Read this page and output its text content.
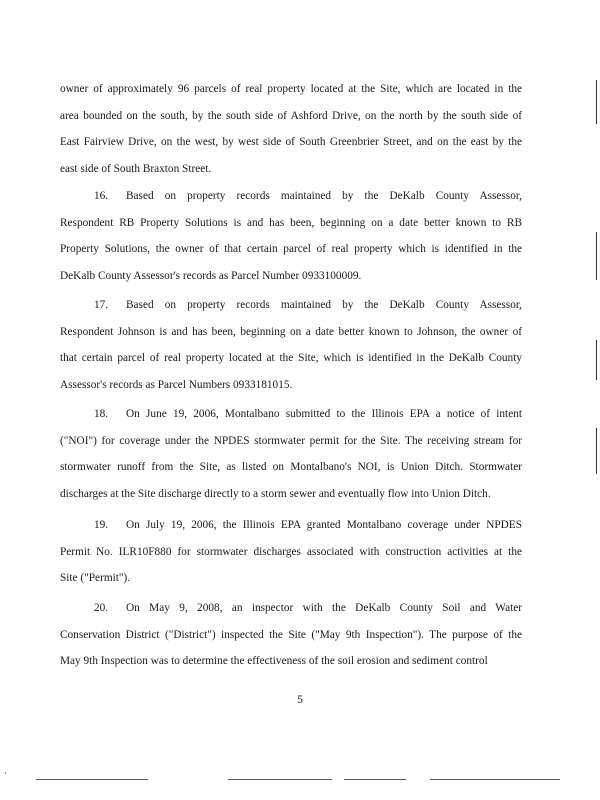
owner of approximately 96 parcels of real property located at the Site, which are located in the
area bounded on the south, by the south side of Ashford Drive, on the north by the south side of
East Fairview Drive, on the west, by west side of South Greenbrier Street, and on the east by the
east side of South Braxton Street.
16. Based on property records maintained by the DeKalb County Assessor,
Respondent RB Property Solutions is and has been, beginning on a date better known to RB
Property Solutions, the owner of that certain parcel of real property which is identified in the
DeKalb County Assessor's records as Parcel Number 0933100009.
17. Based on property records maintained by the DeKalb County Assessor,
Respondent Johnson is and has been, beginning on a date better known to Johnson, the owner of
that certain parcel of real property located at the Site, which is identified in the DeKalb County
Assessor's records as Parcel Numbers 0933181015.
18. On June 19, 2006, Montalbano submitted to the Illinois EPA a notice of intent
("NOI") for coverage under the NPDES stormwater permit for the Site. The receiving stream for
stormwater runoff from the Site, as listed on Montalbano's NOI, is Union Ditch. Stormwater
discharges at the Site discharge directly to a storm sewer and eventually flow into Union Ditch.
19. On July 19, 2006, the Illinois EPA granted Montalbano coverage under NPDES
Permit No. ILR10F880 for stormwater discharges associated with construction activities at the
Site ("Permit").
20. On May 9, 2008, an inspector with the DeKalb County Soil and Water
Conservation District ("District") inspected the Site ("May 9th Inspection"). The purpose of the
May 9th Inspection was to determine the effectiveness of the soil erosion and sediment control
5
·
